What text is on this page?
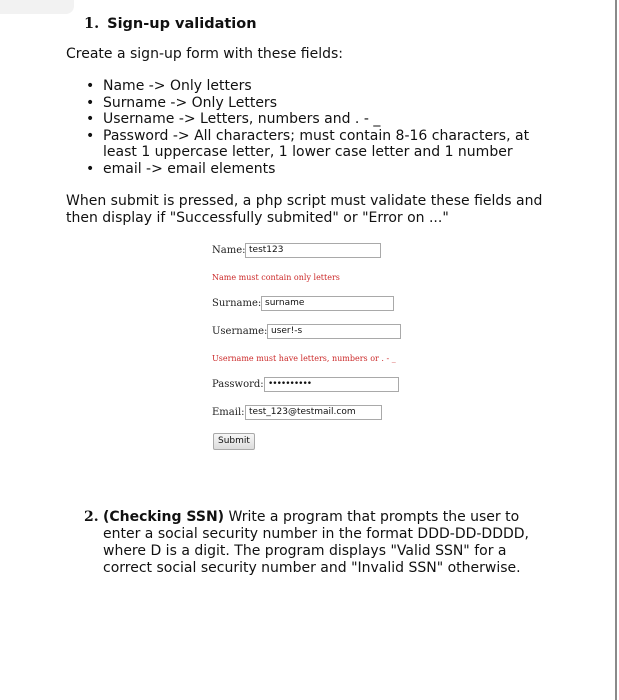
1. Sign-up validation
Create a sign-up form with these fields:
• Name -> Only letters
• Surname -> Only Letters
• Username -> Letters, numbers and . - _
• Password -> All characters; must contain 8-16 characters, at least 1 uppercase letter, 1 lower case letter and 1 number
• email -> email elements
When submit is pressed, a php script must validate these fields and then display if "Successfully submited" or "Error on ..."
Name: test123
Name must contain only letters
Surname: surname
Username: user!-s
Username must have letters, numbers or . - _
Password: ••••••••••
Email: test_123@testmail.com
Submit
2. (Checking SSN) Write a program that prompts the user to enter a social security number in the format DDD-DD-DDDD, where D is a digit. The program displays "Valid SSN" for a correct social security number and "Invalid SSN" otherwise.
